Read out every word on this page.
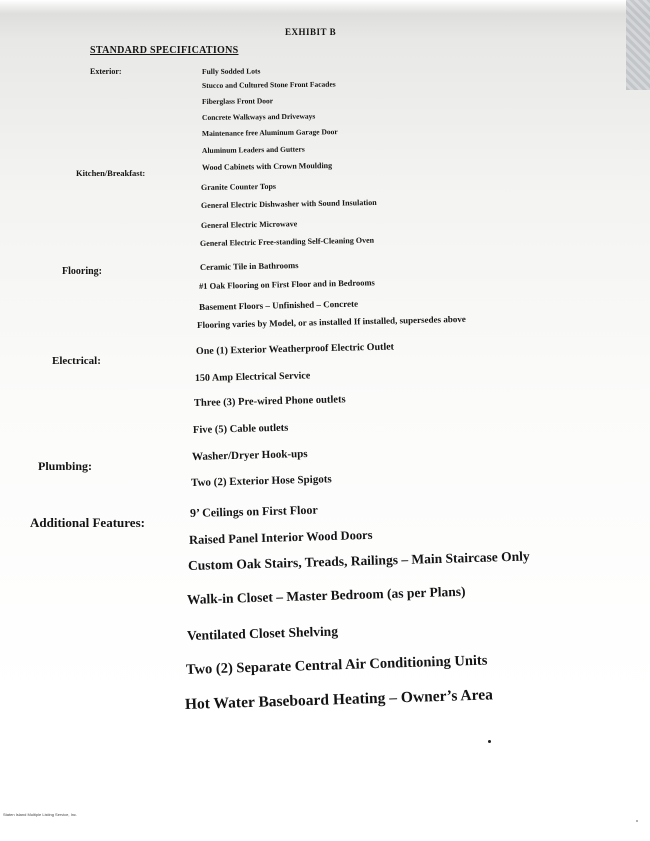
EXHIBIT B
STANDARD SPECIFICATIONS
Exterior:	Fully Sodded Lots
Stucco and Cultured Stone Front Facades
Fiberglass Front Door
Concrete Walkways and Driveways
Maintenance free Aluminum Garage Door
Aluminum Leaders and Gutters
Kitchen/Breakfast:
Wood Cabinets with Crown Moulding
Granite Counter Tops
General Electric Dishwasher with Sound Insulation
General Electric Microwave
General Electric Free-standing Self-Cleaning Oven
Flooring:	Ceramic Tile in Bathrooms
#1 Oak Flooring on First Floor and in Bedrooms
Basement Floors – Unfinished – Concrete
Flooring varies by Model, or as installed If installed, supersedes above
Electrical:
One (1) Exterior Weatherproof Electric Outlet
150 Amp Electrical Service
Three (3) Pre-wired Phone outlets
Five (5) Cable outlets
Plumbing:
Washer/Dryer Hook-ups
Two (2) Exterior Hose Spigots
Additional Features:
9’ Ceilings on First Floor
Raised Panel Interior Wood Doors
Custom Oak Stairs, Treads, Railings – Main Staircase Only
Walk-in Closet – Master Bedroom (as per Plans)
Ventilated Closet Shelving
Two (2) Separate Central Air Conditioning Units
Hot Water Baseboard Heating – Owner’s Area
Staten Island Multiple Listing Service, Inc.
